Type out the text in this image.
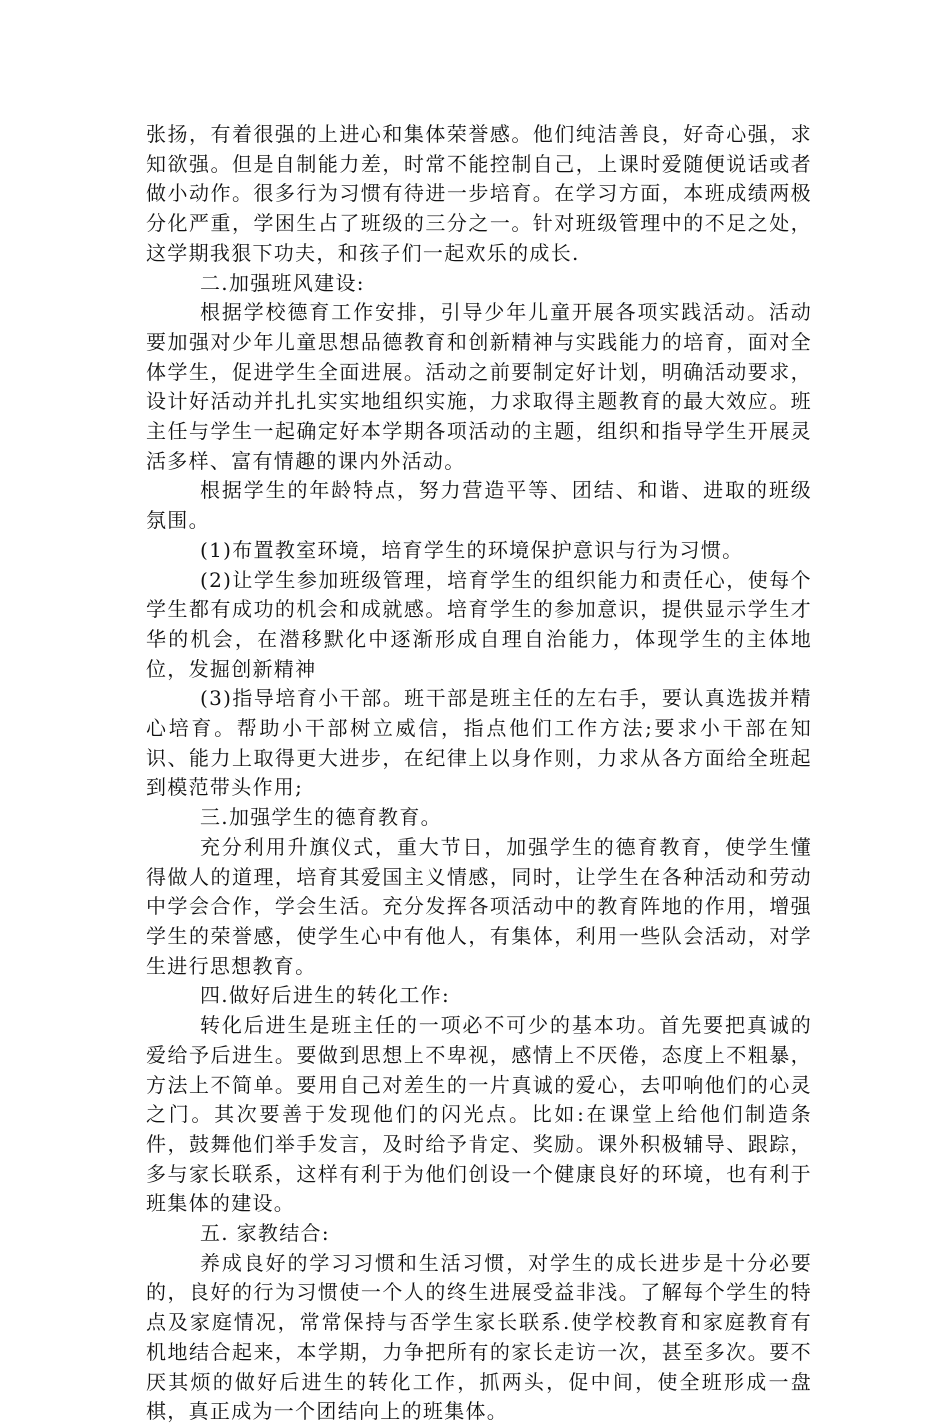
张扬，有着很强的上进心和集体荣誉感。他们纯洁善良，好奇心强，求知欲强。但是自制能力差，时常不能控制自己，上课时爱随便说话或者做小动作。很多行为习惯有待进一步培育。在学习方面，本班成绩两极分化严重，学困生占了班级的三分之一。针对班级管理中的不足之处，这学期我狠下功夫，和孩子们一起欢乐的成长.

二.加强班风建设:

根据学校德育工作安排，引导少年儿童开展各项实践活动。活动要加强对少年儿童思想品德教育和创新精神与实践能力的培育，面对全体学生，促进学生全面进展。活动之前要制定好计划，明确活动要求，设计好活动并扎扎实实地组织实施，力求取得主题教育的最大效应。班主任与学生一起确定好本学期各项活动的主题，组织和指导学生开展灵活多样、富有情趣的课内外活动。

根据学生的年龄特点，努力营造平等、团结、和谐、进取的班级氛围。

(1)布置教室环境，培育学生的环境保护意识与行为习惯。

(2)让学生参加班级管理，培育学生的组织能力和责任心，使每个学生都有成功的机会和成就感。培育学生的参加意识，提供显示学生才华的机会，在潜移默化中逐渐形成自理自治能力，体现学生的主体地位，发掘创新精神

(3)指导培育小干部。班干部是班主任的左右手，要认真选拔并精心培育。帮助小干部树立威信，指点他们工作方法;要求小干部在知识、能力上取得更大进步，在纪律上以身作则，力求从各方面给全班起到模范带头作用;

三.加强学生的德育教育。

充分利用升旗仪式，重大节日，加强学生的德育教育，使学生懂得做人的道理，培育其爱国主义情感，同时，让学生在各种活动和劳动中学会合作，学会生活。充分发挥各项活动中的教育阵地的作用，增强学生的荣誉感，使学生心中有他人，有集体，利用一些队会活动，对学生进行思想教育。

四.做好后进生的转化工作:

转化后进生是班主任的一项必不可少的基本功。首先要把真诚的爱给予后进生。要做到思想上不卑视，感情上不厌倦，态度上不粗暴，方法上不简单。要用自己对差生的一片真诚的爱心，去叩响他们的心灵之门。其次要善于发现他们的闪光点。比如:在课堂上给他们制造条件，鼓舞他们举手发言，及时给予肯定、奖励。课外积极辅导、跟踪，多与家长联系，这样有利于为他们创设一个健康良好的环境，也有利于班集体的建设。

五. 家教结合:

养成良好的学习习惯和生活习惯，对学生的成长进步是十分必要的，良好的行为习惯使一个人的终生进展受益非浅。了解每个学生的特点及家庭情况，常常保持与否学生家长联系.使学校教育和家庭教育有机地结合起来，本学期，力争把所有的家长走访一次，甚至多次。要不厌其烦的做好后进生的转化工作，抓两头，促中间，使全班形成一盘棋，真正成为一个团结向上的班集体。
